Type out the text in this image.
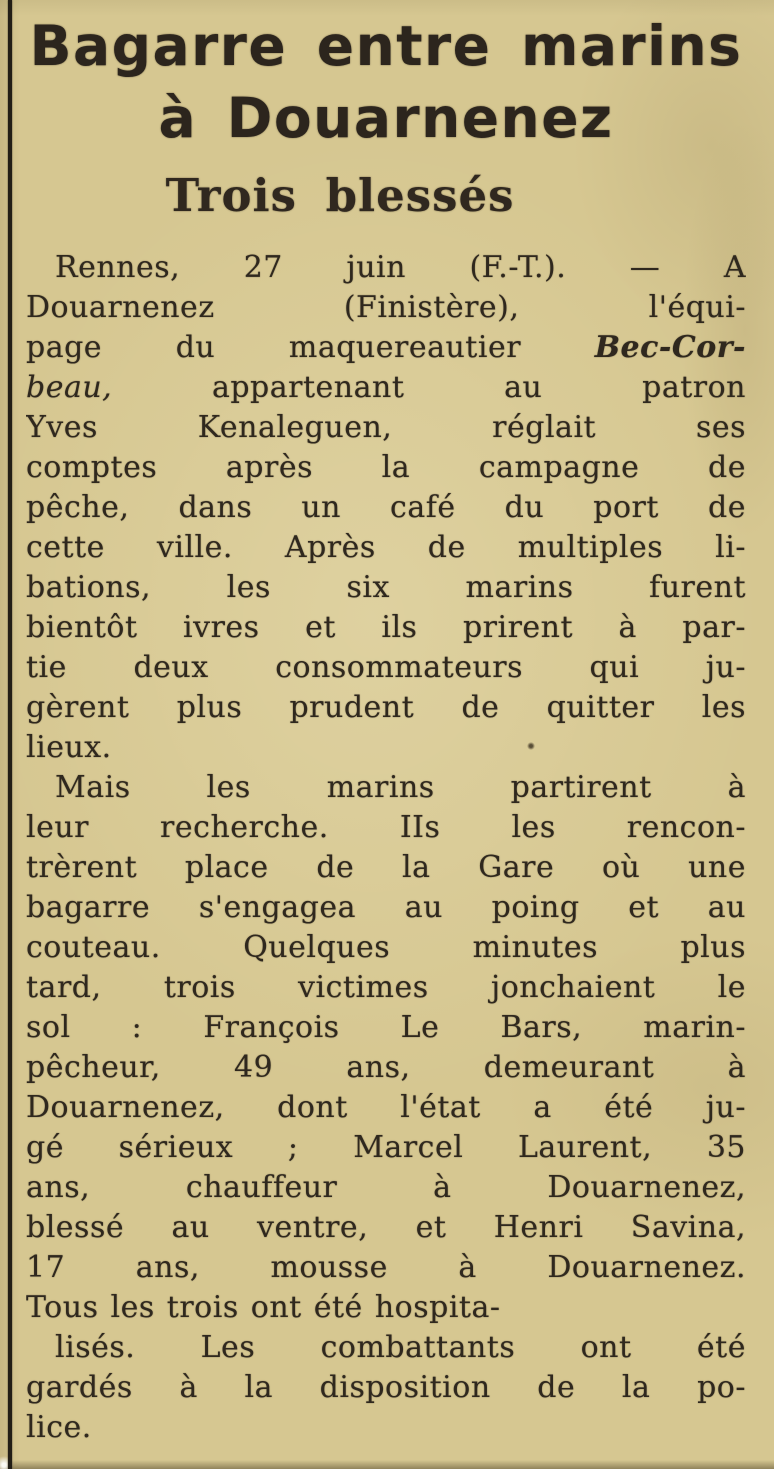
Bagarre entre marins
à Douarnenez
Trois blessés
Rennes, 27 juin (F.-T.). — A
Douarnenez (Finistère), l'équi-
page du maquereautier Bec-Cor-
beau, appartenant au patron
Yves Kenaleguen, réglait ses
comptes après la campagne de
pêche, dans un café du port de
cette ville. Après de multiples li-
bations, les six marins furent
bientôt ivres et ils prirent à par-
tie deux consommateurs qui ju-
gèrent plus prudent de quitter les
lieux.
Mais les marins partirent à
leur recherche. IIs les rencon-
trèrent place de la Gare où une
bagarre s'engagea au poing et au
couteau. Quelques minutes plus
tard, trois victimes jonchaient le
sol : François Le Bars, marin-
pêcheur, 49 ans, demeurant à
Douarnenez, dont l'état a été ju-
gé sérieux ; Marcel Laurent, 35
ans, chauffeur à Douarnenez,
blessé au ventre, et Henri Savina,
17 ans, mousse à Douarnenez.
Tous les trois ont été hospita-
lisés. Les combattants ont été
gardés à la disposition de la po-
lice.
